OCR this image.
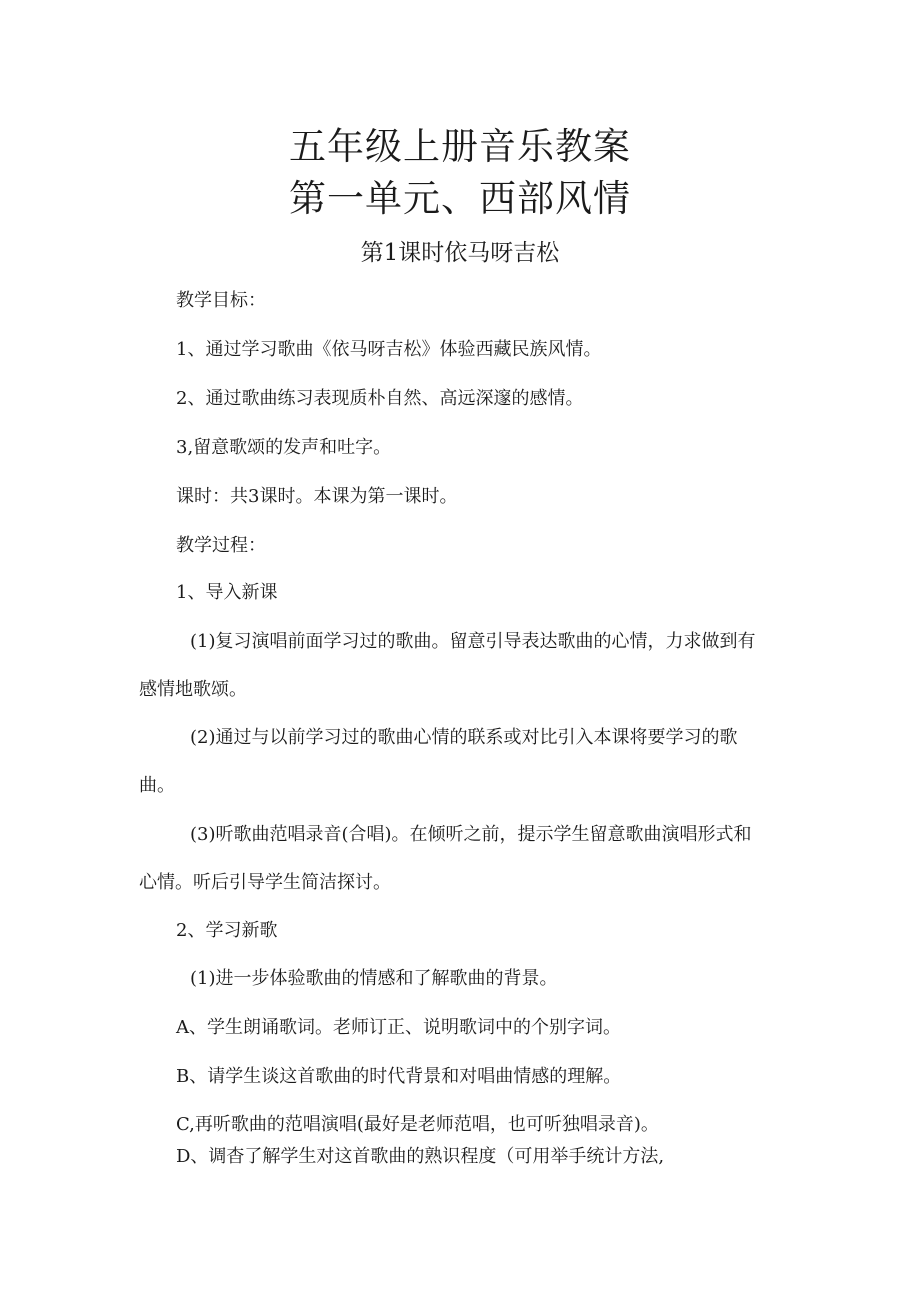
五年级上册音乐教案
第一单元、西部风情
第1课时依马呀吉松
教学目标：
1、通过学习歌曲《依马呀吉松》体验西藏民族风情。
2、通过歌曲练习表现质朴自然、高远深邃的感情。
3,留意歌颂的发声和吐字。
课时：共3课时。本课为第一课时。
教学过程：
1、导入新课
(1)复习演唱前面学习过的歌曲。留意引导表达歌曲的心情，力求做到有
感情地歌颂。
(2)通过与以前学习过的歌曲心情的联系或对比引入本课将要学习的歌
曲。
(3)听歌曲范唱录音(合唱)。在倾听之前，提示学生留意歌曲演唱形式和
心情。听后引导学生简洁探讨。
2、学习新歌
(1)进一步体验歌曲的情感和了解歌曲的背景。
A、学生朗诵歌词。老师订正、说明歌词中的个别字词。
B、请学生谈这首歌曲的时代背景和对唱曲情感的理解。
C,再听歌曲的范唱演唱(最好是老师范唱，也可听独唱录音)。
D、调杳了解学生对这首歌曲的熟识程度（可用举手统计方法,
